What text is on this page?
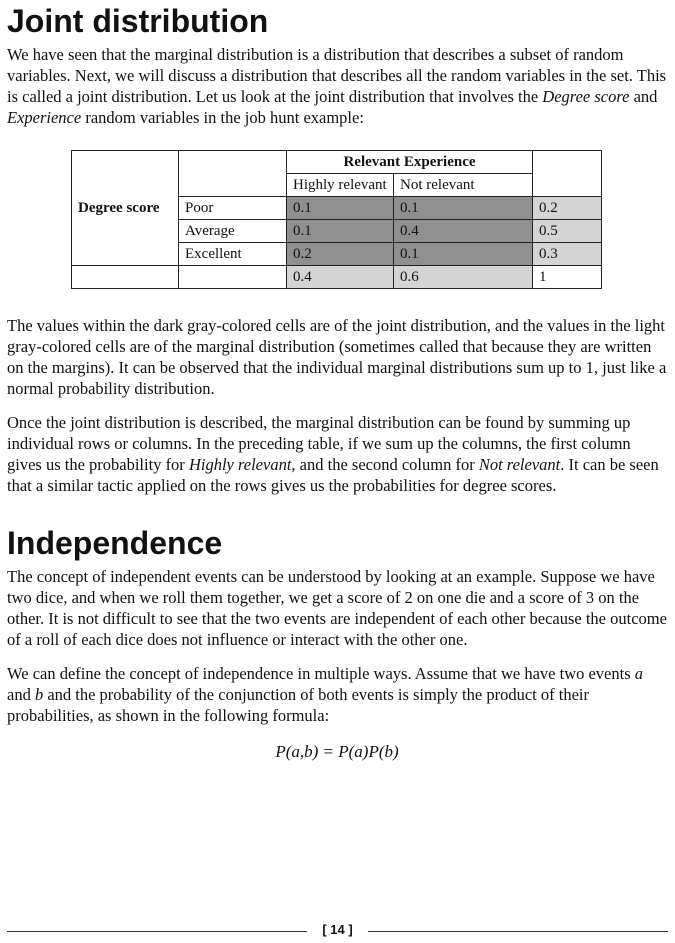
Joint distribution

We have seen that the marginal distribution is a distribution that describes a subset of random variables. Next, we will discuss a distribution that describes all the random variables in the set. This is called a joint distribution. Let us look at the joint distribution that involves the Degree score and Experience random variables in the job hunt example:

Degree score		Relevant Experience		
		Highly relevant	Not relevant	
	Poor	0.1	0.1	0.2
	Average	0.1	0.4	0.5
	Excellent	0.2	0.1	0.3
		0.4	0.6	1

The values within the dark gray-colored cells are of the joint distribution, and the values in the light gray-colored cells are of the marginal distribution (sometimes called that because they are written on the margins). It can be observed that the individual marginal distributions sum up to 1, just like a normal probability distribution.

Once the joint distribution is described, the marginal distribution can be found by summing up individual rows or columns. In the preceding table, if we sum up the columns, the first column gives us the probability for Highly relevant, and the second column for Not relevant. It can be seen that a similar tactic applied on the rows gives us the probabilities for degree scores.

Independence

The concept of independent events can be understood by looking at an example. Suppose we have two dice, and when we roll them together, we get a score of 2 on one die and a score of 3 on the other. It is not difficult to see that the two events are independent of each other because the outcome of a roll of each dice does not influence or interact with the other one.

We can define the concept of independence in multiple ways. Assume that we have two events a and b and the probability of the conjunction of both events is simply the product of their probabilities, as shown in the following formula:

P(a,b) = P(a)P(b)
[ 14 ]
